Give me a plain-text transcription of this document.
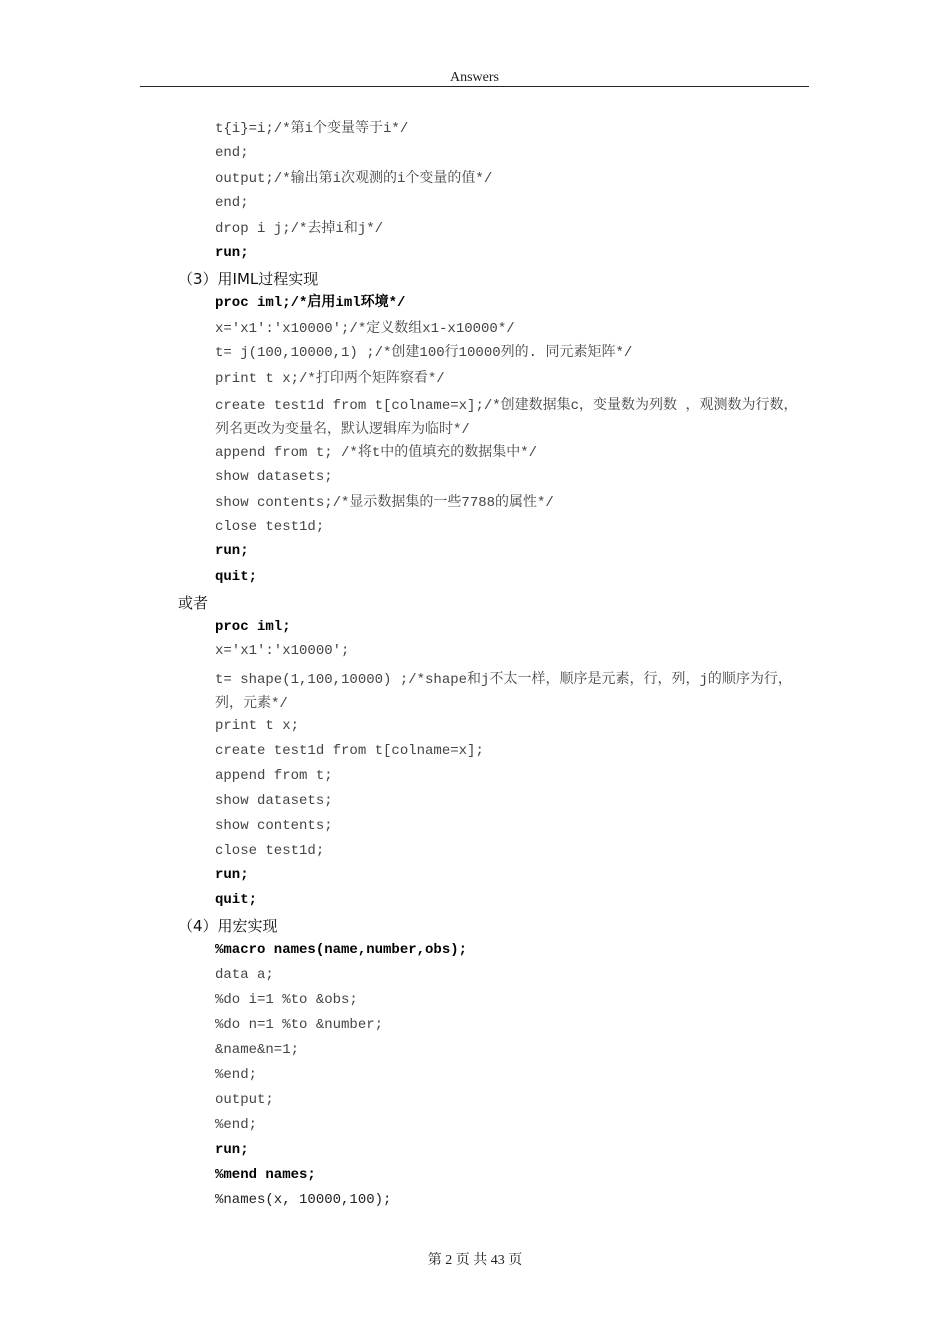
Answers
t{i}=i;/*第i个变量等于i*/
end;
output;/*输出第i次观测的i个变量的值*/
end;
drop i j;/*去掉i和j*/
run;
（3）用IML过程实现
proc iml;/*启用iml环境*/
x='x1':'x10000';/*定义数组x1-x10000*/
t= j(100,10000,1) ;/*创建100行10000列的. 同元素矩阵*/
print t x;/*打印两个矩阵察看*/
create test1d from t[colname=x];/*创建数据集c，变量数为列数 ，观测数为行数，列名更改为变量名，默认逻辑库为临时*/
append from t; /*将t中的值填充的数据集中*/
show datasets;
show contents;/*显示数据集的一些7788的属性*/
close test1d;
run;
quit;
或者
proc iml;
x='x1':'x10000';
t= shape(1,100,10000) ;/*shape和j不太一样，顺序是元素，行，列，j的顺序为行，列，元素*/
print t x;
create test1d from t[colname=x];
append from t;
show datasets;
show contents;
close test1d;
run;
quit;
（4）用宏实现
%macro names(name,number,obs);
data a;
%do i=1 %to &obs;
%do n=1 %to &number;
&name&n=1;
%end;
output;
%end;
run;
%mend names;
%names(x, 10000,100);
第 2 页 共 43 页
